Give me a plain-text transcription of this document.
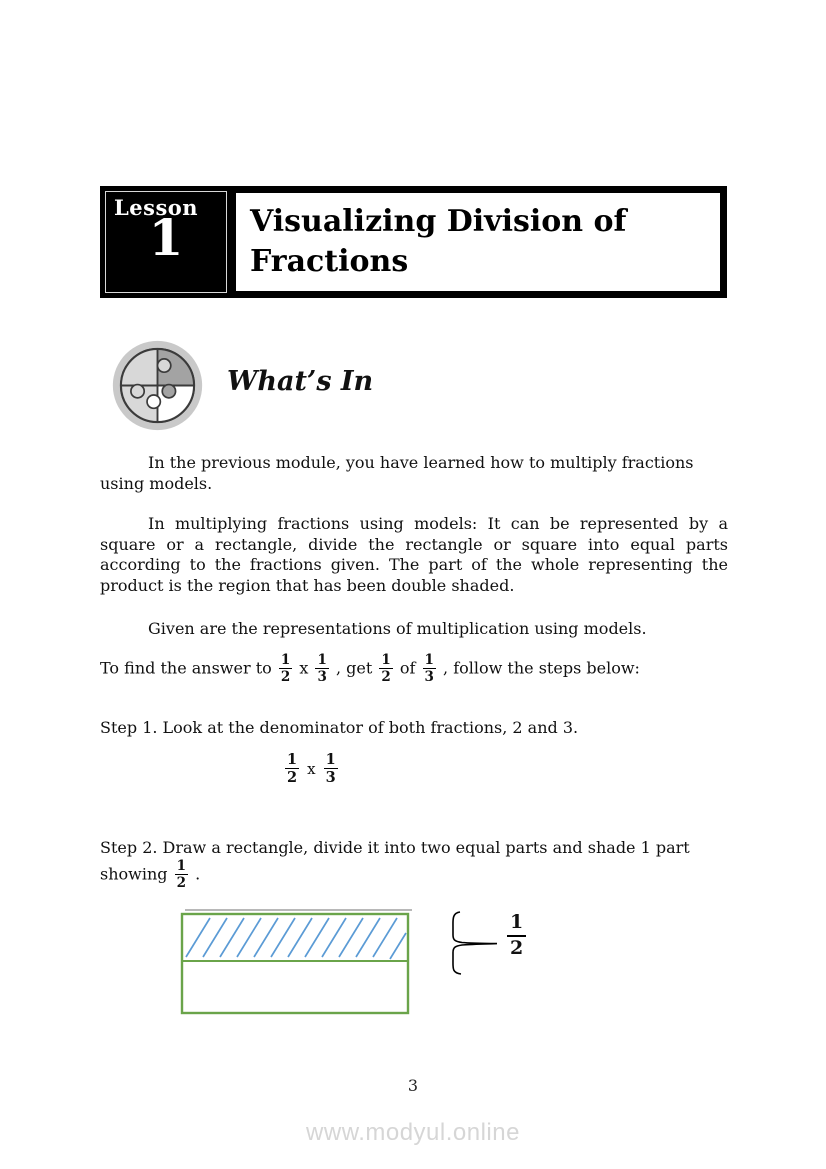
Lesson
1	Visualizing Division of Fractions
What’s In

In the previous module, you have learned how to multiply fractions using models.

In multiplying fractions using models: It can be represented by a square or a rectangle, divide the rectangle or square into equal parts according to the fractions given. The part of the whole representing the product is the region that has been double shaded.

Given are the representations of multiplication using models.

To find the answer to $\frac{1}{2}$ x $\frac{1}{3}$ , get $\frac{1}{2}$ of $\frac{1}{3}$ , follow the steps below:

Step 1. Look at the denominator of both fractions, 2 and 3.

$\frac{1}{2}$ x $\frac{1}{3}$

Step 2. Draw a rectangle, divide it into two equal parts and shade 1 part showing $\frac{1}{2}$ .

$\frac{1}{2}$
3
www.modyul.online
